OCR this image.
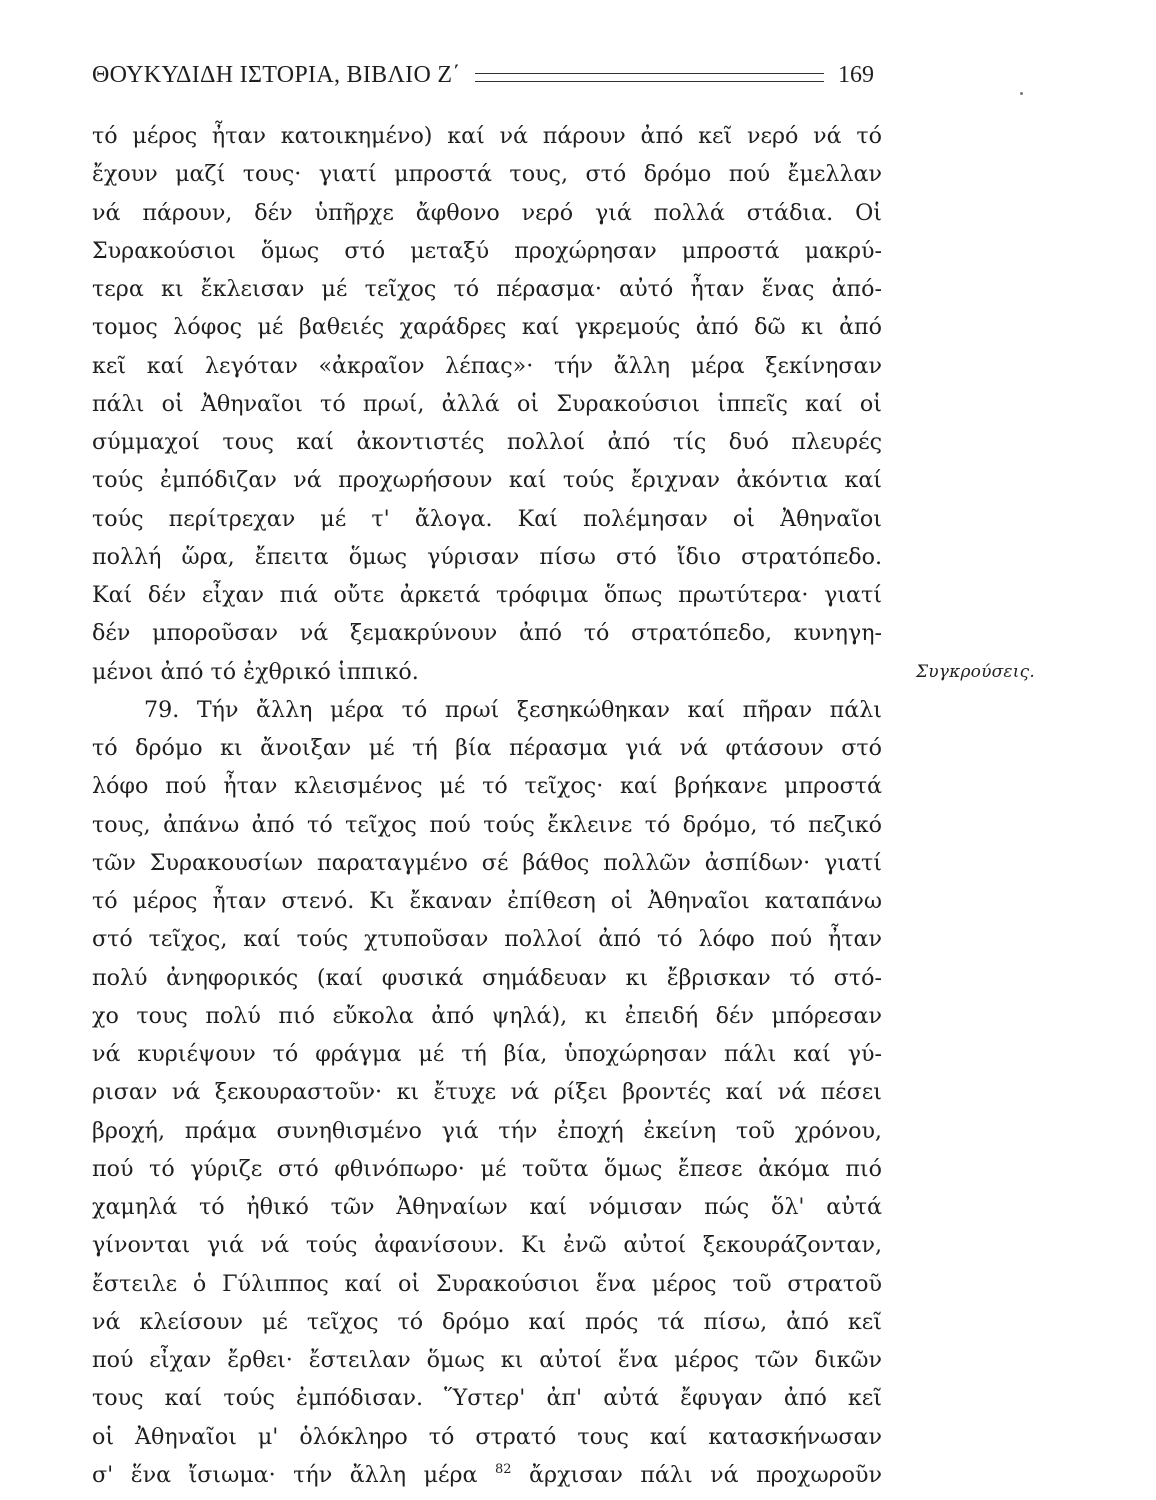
ΘΟΥΚΥΔΙΔΗ ΙΣΤΟΡΙΑ, ΒΙΒΛΙΟ Ζ΄	169
τό μέρος ἦταν κατοικημένο) καί νά πάρουν ἀπό κεῖ νερό νά τό
ἔχουν μαζί τους· γιατί μπροστά τους, στό δρόμο πού ἔμελλαν
νά πάρουν, δέν ὑπῆρχε ἄφθονο νερό γιά πολλά στάδια. Οἱ
Συρακούσιοι ὅμως στό μεταξύ προχώρησαν μπροστά μακρύ-
τερα κι ἔκλεισαν μέ τεῖχος τό πέρασμα· αὐτό ἦταν ἕνας ἀπό-
τομος λόφος μέ βαθειές χαράδρες καί γκρεμούς ἀπό δῶ κι ἀπό
κεῖ καί λεγόταν «ἀκραῖον λέπας»· τήν ἄλλη μέρα ξεκίνησαν
πάλι οἱ Ἀθηναῖοι τό πρωί, ἀλλά οἱ Συρακούσιοι ἱππεῖς καί οἱ
σύμμαχοί τους καί ἀκοντιστές πολλοί ἀπό τίς δυό πλευρές
τούς ἐμπόδιζαν νά προχωρήσουν καί τούς ἔριχναν ἀκόντια καί
τούς περίτρεχαν μέ τ' ἄλογα. Καί πολέμησαν οἱ Ἀθηναῖοι
πολλή ὥρα, ἔπειτα ὅμως γύρισαν πίσω στό ἴδιο στρατόπεδο.
Καί δέν εἶχαν πιά οὔτε ἀρκετά τρόφιμα ὅπως πρωτύτερα· γιατί
δέν μποροῦσαν νά ξεμακρύνουν ἀπό τό στρατόπεδο, κυνηγη-
μένοι ἀπό τό ἐχθρικό ἱππικό.
79. Τήν ἄλλη μέρα τό πρωί ξεσηκώθηκαν καί πῆραν πάλι
τό δρόμο κι ἄνοιξαν μέ τή βία πέρασμα γιά νά φτάσουν στό
λόφο πού ἦταν κλεισμένος μέ τό τεῖχος· καί βρήκανε μπροστά
τους, ἀπάνω ἀπό τό τεῖχος πού τούς ἔκλεινε τό δρόμο, τό πεζικό
τῶν Συρακουσίων παραταγμένο σέ βάθος πολλῶν ἀσπίδων· γιατί
τό μέρος ἦταν στενό. Κι ἔκαναν ἐπίθεση οἱ Ἀθηναῖοι καταπάνω
στό τεῖχος, καί τούς χτυποῦσαν πολλοί ἀπό τό λόφο πού ἦταν
πολύ ἀνηφορικός (καί φυσικά σημάδευαν κι ἔβρισκαν τό στό-
χο τους πολύ πιό εὔκολα ἀπό ψηλά), κι ἐπειδή δέν μπόρεσαν
νά κυριέψουν τό φράγμα μέ τή βία, ὑποχώρησαν πάλι καί γύ-
ρισαν νά ξεκουραστοῦν· κι ἔτυχε νά ρίξει βροντές καί νά πέσει
βροχή, πράμα συνηθισμένο γιά τήν ἐποχή ἐκείνη τοῦ χρόνου,
πού τό γύριζε στό φθινόπωρο· μέ τοῦτα ὅμως ἔπεσε ἀκόμα πιό
χαμηλά τό ἠθικό τῶν Ἀθηναίων καί νόμισαν πώς ὅλ' αὐτά
γίνονται γιά νά τούς ἀφανίσουν. Κι ἐνῶ αὐτοί ξεκουράζονταν,
ἔστειλε ὁ Γύλιππος καί οἱ Συρακούσιοι ἕνα μέρος τοῦ στρατοῦ
νά κλείσουν μέ τεῖχος τό δρόμο καί πρός τά πίσω, ἀπό κεῖ
πού εἶχαν ἔρθει· ἔστειλαν ὅμως κι αὐτοί ἕνα μέρος τῶν δικῶν
τους καί τούς ἐμπόδισαν. Ὕστερ' ἀπ' αὐτά ἔφυγαν ἀπό κεῖ
οἱ Ἀθηναῖοι μ' ὁλόκληρο τό στρατό τους καί κατασκήνωσαν
σ' ἕνα ἴσιωμα· τήν ἄλλη μέρα $^{82}$ ἄρχισαν πάλι νά προχωροῦν
Συγκρούσεις.
